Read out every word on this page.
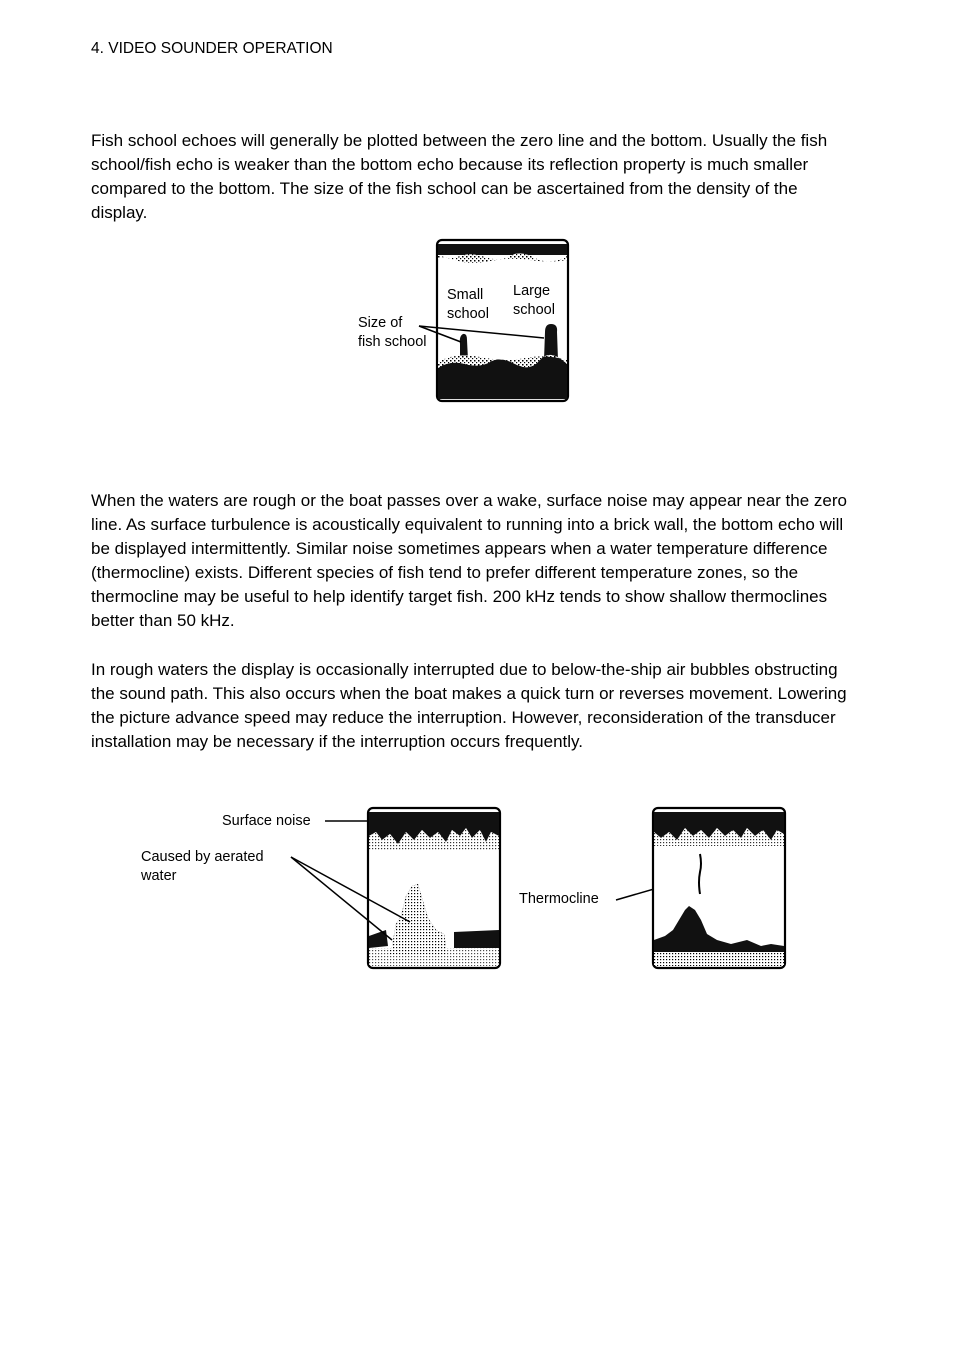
4. VIDEO SOUNDER OPERATION

Fish school echoes will generally be plotted between the zero line and the bottom. Usually the fish school/fish echo is weaker than the bottom echo because its reflection property is much smaller compared to the bottom. The size of the fish school can be ascertained from the density of the display.

Size of
fish school
Small
school
Large
school

When the waters are rough or the boat passes over a wake, surface noise may appear near the zero line. As surface turbulence is acoustically equivalent to running into a brick wall, the bottom echo will be displayed intermittently. Similar noise sometimes appears when a water temperature difference (thermocline) exists. Different species of fish tend to prefer different temperature zones, so the thermocline may be useful to help identify target fish. 200 kHz tends to show shallow thermoclines better than 50 kHz.

In rough waters the display is occasionally interrupted due to below-the-ship air bubbles obstructing the sound path. This also occurs when the boat makes a quick turn or reverses movement. Lowering the picture advance speed may reduce the interruption. However, reconsideration of the transducer installation may be necessary if the interruption occurs frequently.

Surface noise
Caused by aerated
water
Thermocline
